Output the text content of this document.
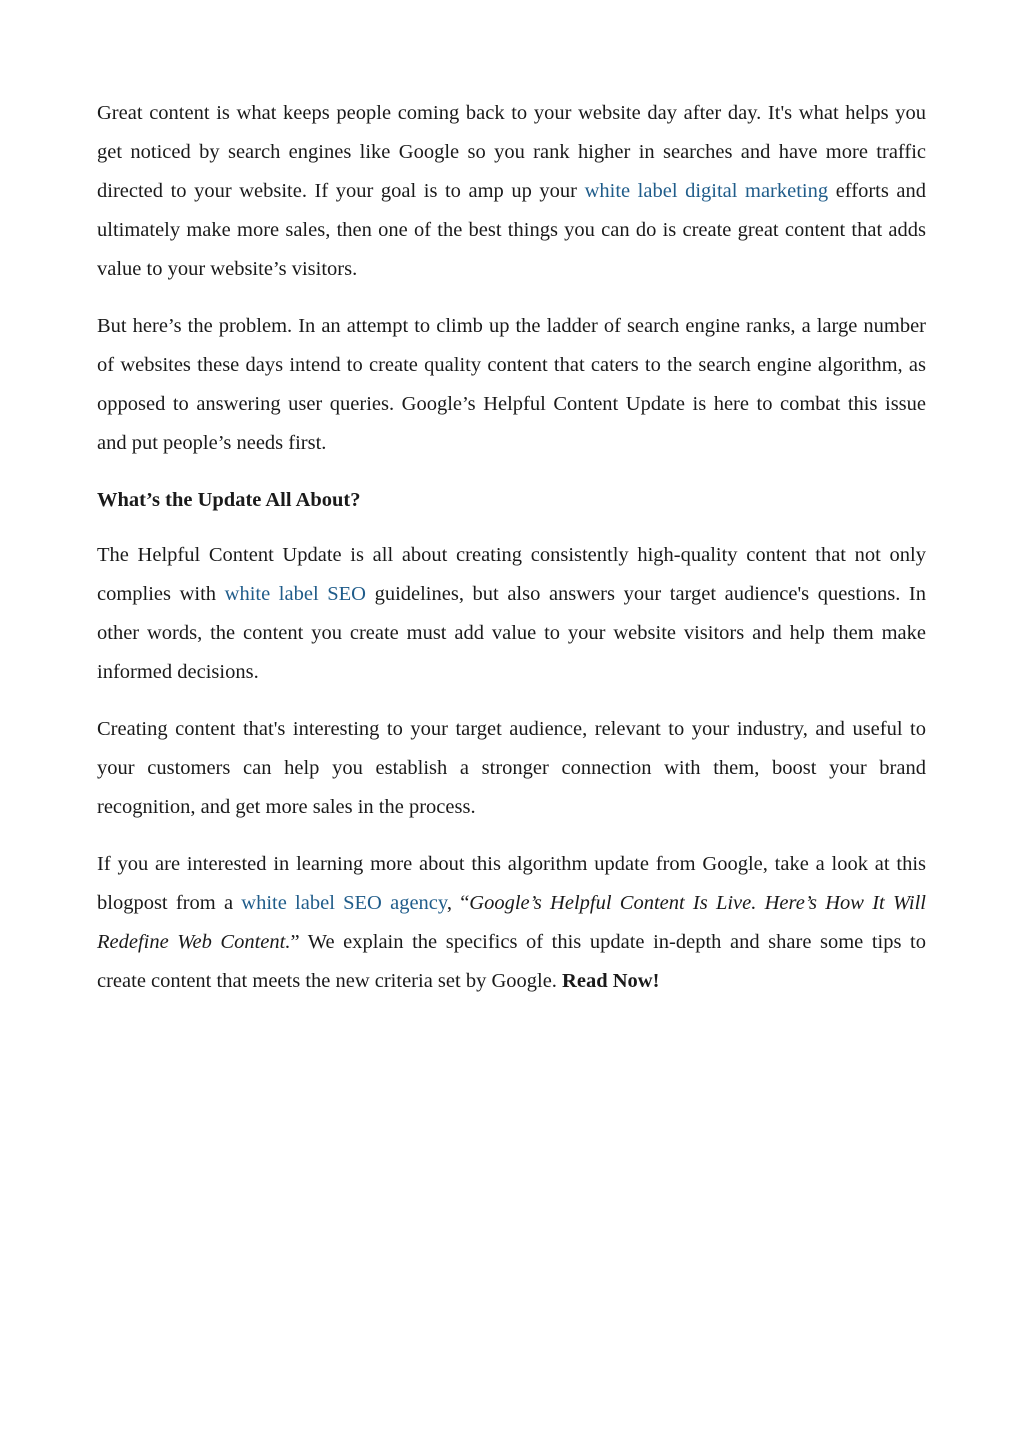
Great content is what keeps people coming back to your website day after day. It's what helps you get noticed by search engines like Google so you rank higher in searches and have more traffic directed to your website. If your goal is to amp up your white label digital marketing efforts and ultimately make more sales, then one of the best things you can do is create great content that adds value to your website’s visitors.

But here’s the problem. In an attempt to climb up the ladder of search engine ranks, a large number of websites these days intend to create quality content that caters to the search engine algorithm, as opposed to answering user queries. Google’s Helpful Content Update is here to combat this issue and put people’s needs first.

What’s the Update All About?

The Helpful Content Update is all about creating consistently high-quality content that not only complies with white label SEO guidelines, but also answers your target audience's questions. In other words, the content you create must add value to your website visitors and help them make informed decisions.

Creating content that's interesting to your target audience, relevant to your industry, and useful to your customers can help you establish a stronger connection with them, boost your brand recognition, and get more sales in the process.

If you are interested in learning more about this algorithm update from Google, take a look at this blogpost from a white label SEO agency, “Google’s Helpful Content Is Live. Here’s How It Will Redefine Web Content.” We explain the specifics of this update in-depth and share some tips to create content that meets the new criteria set by Google. Read Now!
